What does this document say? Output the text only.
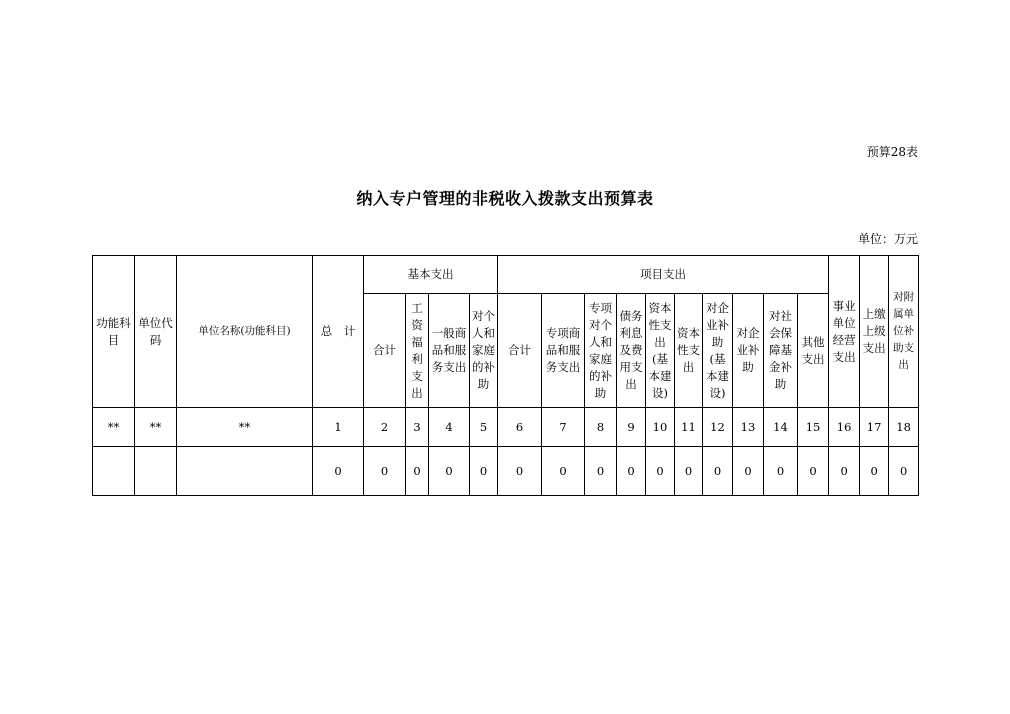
预算28表
纳入专户管理的非税收入拨款支出预算表
单位：万元
功能科目	单位代码	单位名称(功能科目)	总　计	基本支出				项目支出										事业单位经营支出	上缴上级支出	对附属单位补助支出
				合计	工资福利支出	一般商品和服务支出	对个人和家庭的补助	合计	专项商品和服务支出	专项对个人和家庭的补助	债务利息及费用支出	资本性支出(基本建设)	资本性支出	对企业补助(基本建设)	对企业补助	对社会保障基金补助	其他支出			
**	**	**	1	2	3	4	5	6	7	8	9	10	11	12	13	14	15	16	17	18
			0	0	0	0	0	0	0	0	0	0	0	0	0	0	0	0	0	0
